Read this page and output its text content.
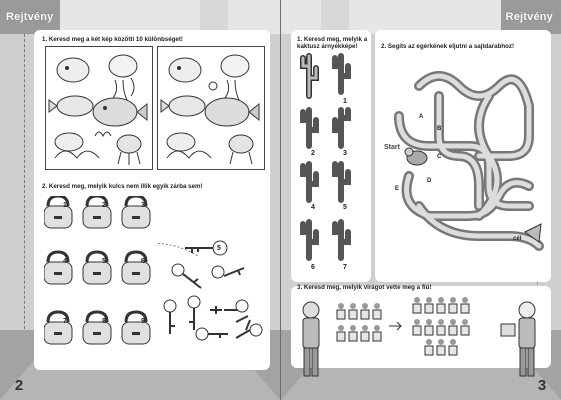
Rejtvény
1. Keresd meg a két kép közötti 10 különbséget!
2. Keresd meg, melyik kulcs nem illik egyik zárba sem!
1	2	3
4	5	6
7	8	9
5
2
Rejtvény
1. Keresd meg, melyik a
kaktusz árnyékképe!
1
2	3
4	5
6	7
2. Segíts az egérkének eljutni a sajtdarabhoz!
Start
A
B
C
D
E
cél
3. Keresd meg, melyik virágot vette meg a fiú!
3
